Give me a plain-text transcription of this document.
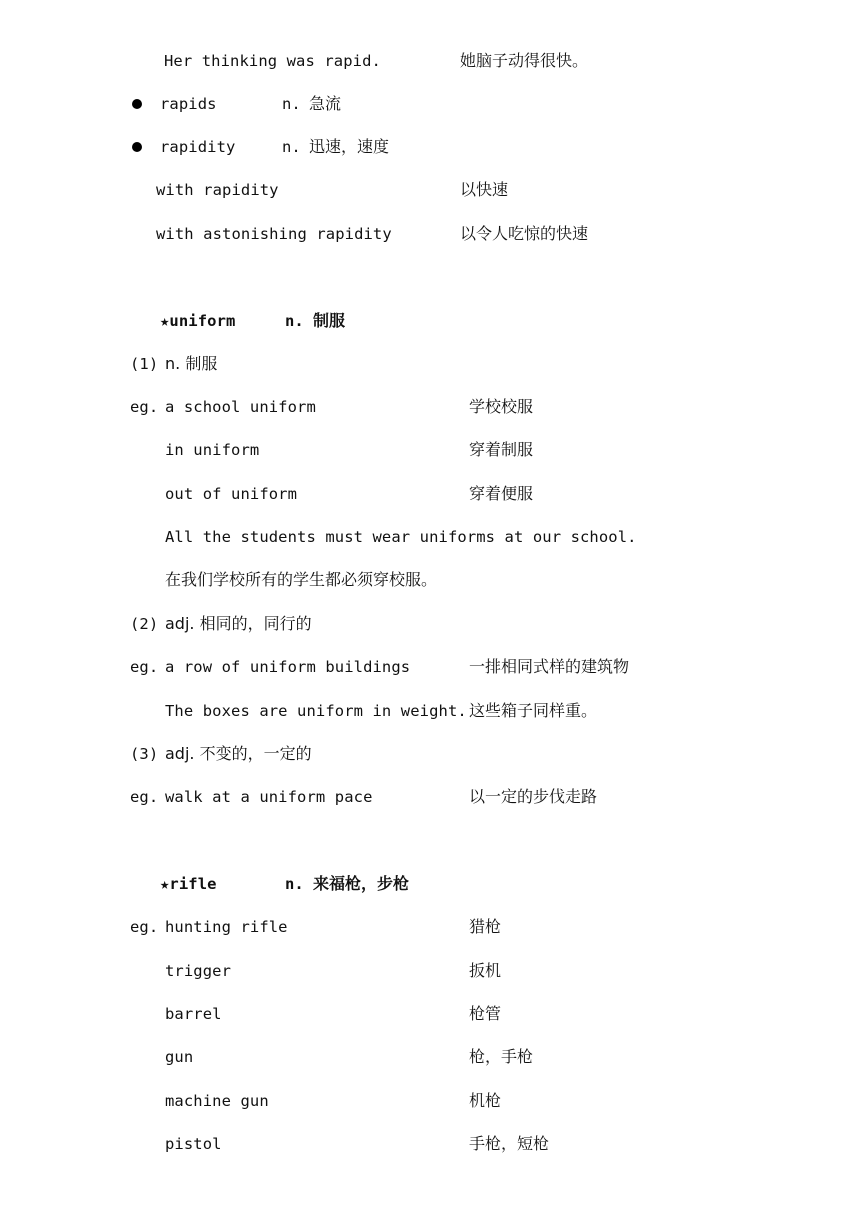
Her thinking was rapid.	她脑子动得很快。
rapids	n. 急流
rapidity	n. 迅速，速度
with rapidity	以快速
with astonishing rapidity	以令人吃惊的快速
★uniform	n. 制服
(1) n. 制服
eg. a school uniform	学校校服
in uniform	穿着制服
out of uniform	穿着便服
All the students must wear uniforms at our school.
在我们学校所有的学生都必须穿校服。
(2) adj. 相同的，同行的
eg. a row of uniform buildings	一排相同式样的建筑物
The boxes are uniform in weight. 这些箱子同样重。
(3) adj. 不变的，一定的
eg. walk at a uniform pace	以一定的步伐走路
★rifle	n. 来福枪，步枪
eg. hunting rifle	猎枪
trigger	扳机
barrel	枪管
gun	枪，手枪
machine gun	机枪
pistol	手枪，短枪
